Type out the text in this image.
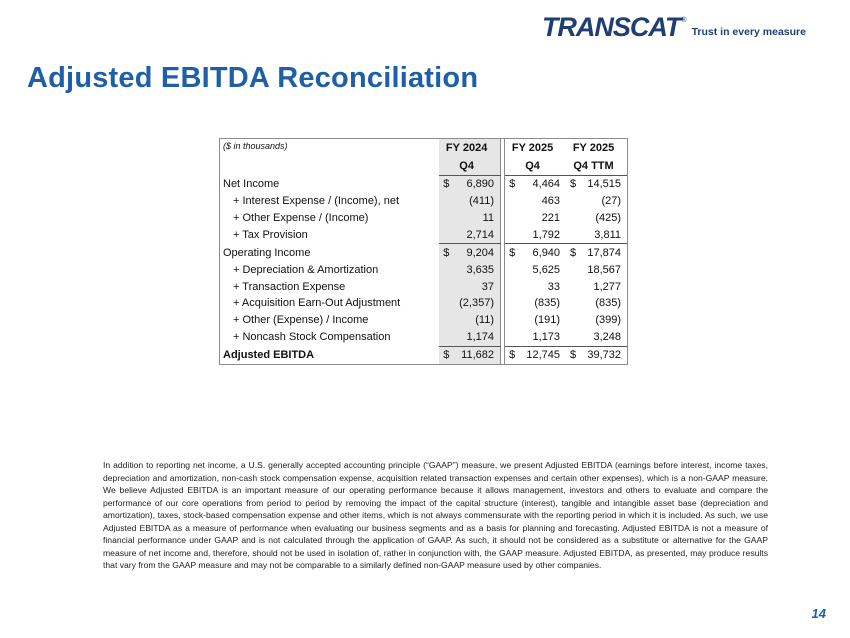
TRANSCAT ®
Trust in every measure
Adjusted EBITDA Reconciliation
($ in thousands)	FY 2024		FY 2025	FY 2025
	Q4		Q4	Q4 TTM
Net Income	$ 6,890		$ 4,464	$ 14,515

+ Interest Expense / (Income), net	(411)		463	(27)
+ Other Expense / (Income)	11		221	(425)
+ Tax Provision	2,714		1,792	3,811
Operating Income	$ 9,204		$ 6,940	$ 17,874

+ Depreciation & Amortization	3,635		5,625	18,567
+ Transaction Expense	37		33	1,277
+ Acquisition Earn-Out Adjustment	(2,357)		(835)	(835)
+ Other (Expense) / Income	(11)		(191)	(399)
+ Noncash Stock Compensation	1,174		1,173	3,248
Adjusted EBITDA	$ 11,682		$ 12,745	$ 39,732

In addition to reporting net income, a U.S. generally accepted accounting principle (“GAAP”) measure, we present Adjusted EBITDA (earnings before interest, income taxes, depreciation and amortization, non-cash stock compensation expense, acquisition related transaction expenses and certain other expenses), which is a non-GAAP measure. We believe Adjusted EBITDA is an important measure of our operating performance because it allows management, investors and others to evaluate and compare the performance of our core operations from period to period by removing the impact of the capital structure (interest), tangible and intangible asset base (depreciation and amortization), taxes, stock-based compensation expense and other items, which is not always commensurate with the reporting period in which it is included. As such, we use Adjusted EBITDA as a measure of performance when evaluating our business segments and as a basis for planning and forecasting. Adjusted EBITDA is not a measure of financial performance under GAAP and is not calculated through the application of GAAP. As such, it should not be considered as a substitute or alternative for the GAAP measure of net income and, therefore, should not be used in isolation of, rather in conjunction with, the GAAP measure. Adjusted EBITDA, as presented, may produce results that vary from the GAAP measure and may not be comparable to a similarly defined non-GAAP measure used by other companies.

14
